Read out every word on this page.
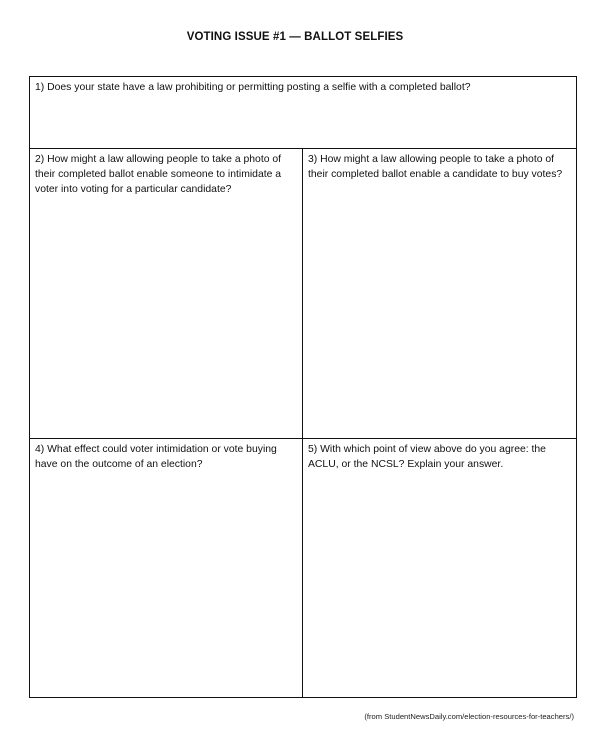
VOTING ISSUE #1 — BALLOT SELFIES
1) Does your state have a law prohibiting or permitting posting a selfie with a completed ballot?
2) How might a law allowing people to take a photo of their completed ballot enable someone to intimidate a voter into voting for a particular candidate?
3) How might a law allowing people to take a photo of their completed ballot enable a candidate to buy votes?
4) What effect could voter intimidation or vote buying have on the outcome of an election?
5) With which point of view above do you agree: the ACLU, or the NCSL? Explain your answer.
(from StudentNewsDaily.com/election-resources-for-teachers/)
